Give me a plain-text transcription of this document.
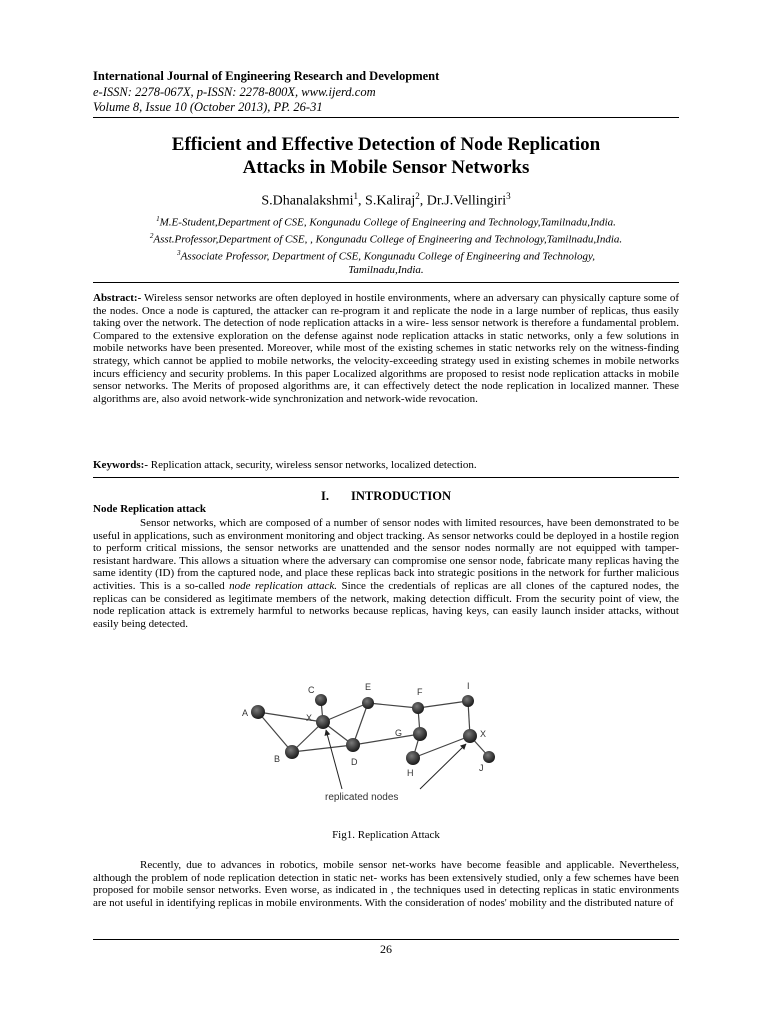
International Journal of Engineering Research and Development
e-ISSN: 2278-067X, p-ISSN: 2278-800X, www.ijerd.com
Volume 8, Issue 10 (October 2013), PP. 26-31
Efficient and Effective Detection of Node Replication
Attacks in Mobile Sensor Networks
S.Dhanalakshmi$^1$, S.Kaliraj$^2$, Dr.J.Vellingiri$^3$
$^1$M.E-Student,Department of CSE, Kongunadu College of Engineering and Technology,Tamilnadu,India.
$^2$Asst.Professor,Department of CSE, , Kongunadu College of Engineering and Technology,Tamilnadu,India.
$^3$Associate Professor, Department of CSE, Kongunadu College of Engineering and Technology,
Tamilnadu,India.
Abstract:- Wireless sensor networks are often deployed in hostile environments, where an adversary can physically capture some of the nodes. Once a node is captured, the attacker can re-program it and replicate the node in a large number of replicas, thus easily taking over the network. The detection of node replication attacks in a wire- less sensor network is therefore a fundamental problem. Compared to the extensive exploration on the defense against node replication attacks in static networks, only a few solutions in mobile networks have been presented. Moreover, while most of the existing schemes in static networks rely on the witness-finding strategy, which cannot be applied to mobile networks, the velocity-exceeding strategy used in existing schemes in mobile networks incurs efficiency and security problems. In this paper Localized algorithms are proposed to resist node replication attacks in mobile sensor networks. The Merits of proposed algorithms are, it can effectively detect the node replication in localized manner. These algorithms are, also avoid network-wide synchronization and network-wide revocation.
Keywords:- Replication attack, security, wireless sensor networks, localized detection.
I. INTRODUCTION
Node Replication attack

Sensor networks, which are composed of a number of sensor nodes with limited resources, have been demonstrated to be useful in applications, such as environment monitoring and object tracking. As sensor networks could be deployed in a hostile region to perform critical missions, the sensor networks are unattended and the sensor nodes normally are not equipped with tamper-resistant hardware. This allows a situation where the adversary can compromise one sensor node, fabricate many replicas having the same identity (ID) from the captured node, and place these replicas back into strategic positions in the network for further malicious activities. This is a so-called node replication attack. Since the credentials of replicas are all clones of the captured nodes, the replicas can be considered as legitimate members of the network, making detection difficult. From the security point of view, the node replication attack is extremely harmful to networks because replicas, having keys, can easily launch insider attacks, without easily being detected.

A
B
C
X
D
E	F
G
H
I
X
J
replicated nodes
Fig1. Replication Attack

Recently, due to advances in robotics, mobile sensor net-works have become feasible and applicable. Nevertheless, although the problem of node replication detection in static net- works has been extensively studied, only a few schemes have been proposed for mobile sensor networks. Even worse, as indicated in , the techniques used in detecting replicas in static environments are not useful in identifying replicas in mobile environments. With the consideration of nodes' mobility and the distributed nature of

26
